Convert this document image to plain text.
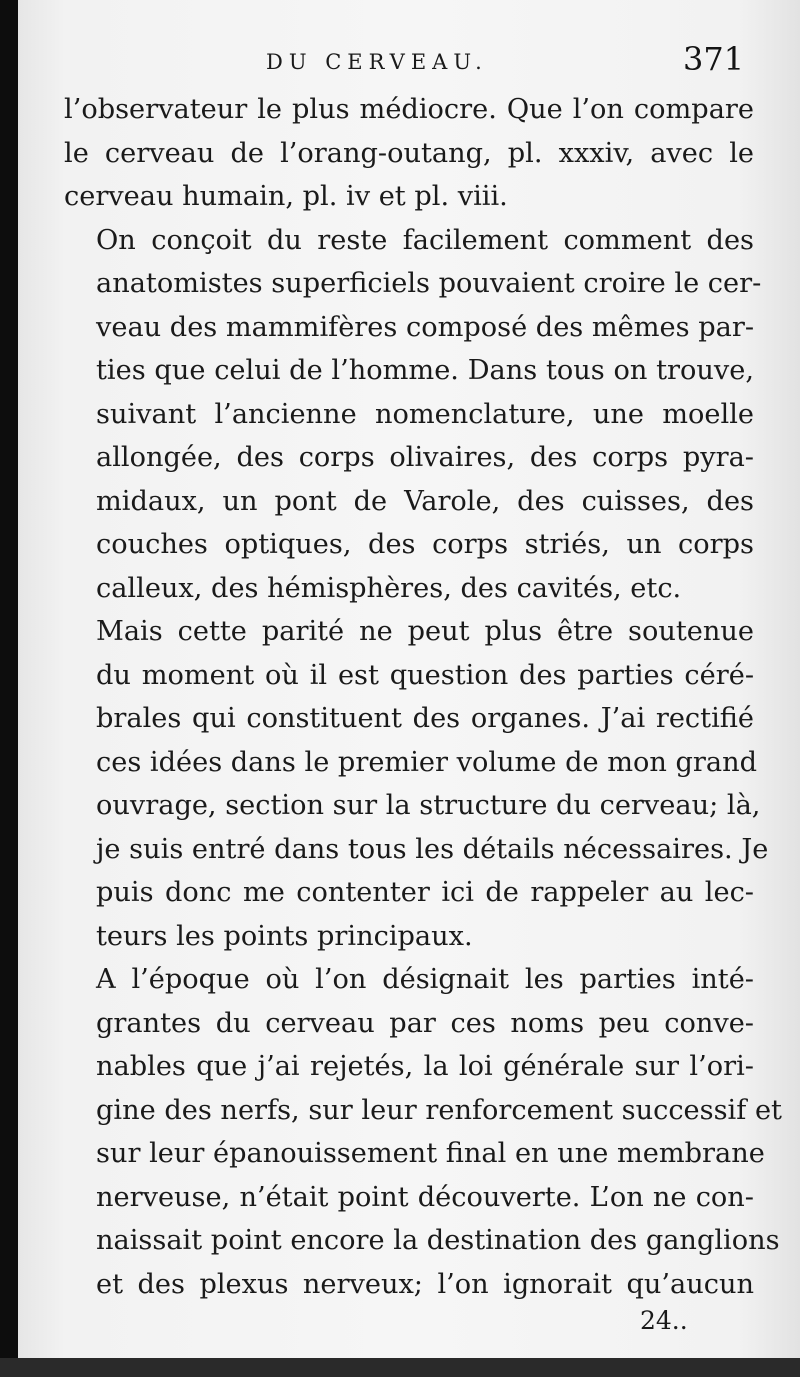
DU CERVEAU.	371
l’observateur le plus médiocre. Que l’on compare
le cerveau de l’orang-outang, pl. xxxiv, avec le
cerveau humain, pl. iv et pl. viii.
On conçoit du reste facilement comment des
anatomistes superficiels pouvaient croire le cer-
veau des mammifères composé des mêmes par-
ties que celui de l’homme. Dans tous on trouve,
suivant l’ancienne nomenclature, une moelle
allongée, des corps olivaires, des corps pyra-
midaux, un pont de Varole, des cuisses, des
couches optiques, des corps striés, un corps
calleux, des hémisphères, des cavités, etc.
Mais cette parité ne peut plus être soutenue
du moment où il est question des parties céré-
brales qui constituent des organes. J’ai rectifié
ces idées dans le premier volume de mon grand
ouvrage, section sur la structure du cerveau; là,
je suis entré dans tous les détails nécessaires. Je
puis donc me contenter ici de rappeler au lec-
teurs les points principaux.
A l’époque où l’on désignait les parties inté-
grantes du cerveau par ces noms peu conve-
nables que j’ai rejetés, la loi générale sur l’ori-
gine des nerfs, sur leur renforcement successif et
sur leur épanouissement final en une membrane
nerveuse, n’était point découverte. L’on ne con-
naissait point encore la destination des ganglions
et des plexus nerveux; l’on ignorait qu’aucun
24..
